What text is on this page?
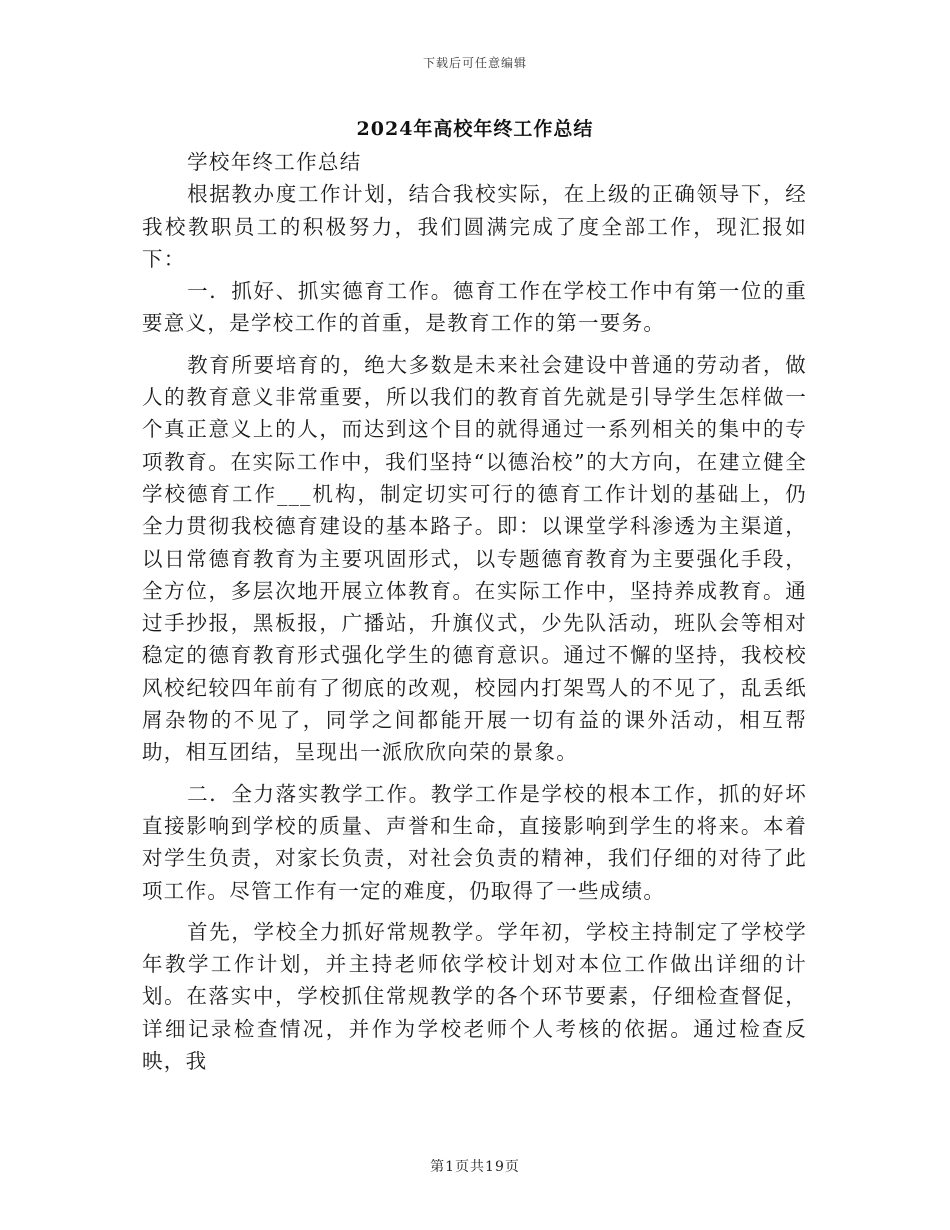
下载后可任意编辑
2024年高校年终工作总结

学校年终工作总结

根据教办度工作计划，结合我校实际，在上级的正确领导下，经我校教职员工的积极努力，我们圆满完成了度全部工作，现汇报如下：

一．抓好、抓实德育工作。德育工作在学校工作中有第一位的重要意义，是学校工作的首重，是教育工作的第一要务。

教育所要培育的，绝大多数是未来社会建设中普通的劳动者，做人的教育意义非常重要，所以我们的教育首先就是引导学生怎样做一个真正意义上的人，而达到这个目的就得通过一系列相关的集中的专项教育。在实际工作中，我们坚持“以德治校”的大方向，在建立健全学校德育工作___机构，制定切实可行的德育工作计划的基础上，仍全力贯彻我校德育建设的基本路子。即：以课堂学科渗透为主渠道，以日常德育教育为主要巩固形式，以专题德育教育为主要强化手段，全方位，多层次地开展立体教育。在实际工作中，坚持养成教育。通过手抄报，黑板报，广播站，升旗仪式，少先队活动，班队会等相对稳定的德育教育形式强化学生的德育意识。通过不懈的坚持，我校校风校纪较四年前有了彻底的改观，校园内打架骂人的不见了，乱丢纸屑杂物的不见了，同学之间都能开展一切有益的课外活动，相互帮助，相互团结，呈现出一派欣欣向荣的景象。

二．全力落实教学工作。教学工作是学校的根本工作，抓的好坏直接影响到学校的质量、声誉和生命，直接影响到学生的将来。本着对学生负责，对家长负责，对社会负责的精神，我们仔细的对待了此项工作。尽管工作有一定的难度，仍取得了一些成绩。

首先，学校全力抓好常规教学。学年初，学校主持制定了学校学年教学工作计划，并主持老师依学校计划对本位工作做出详细的计划。在落实中，学校抓住常规教学的各个环节要素，仔细检查督促，详细记录检查情况，并作为学校老师个人考核的依据。通过检查反映，我

第1页共19页
